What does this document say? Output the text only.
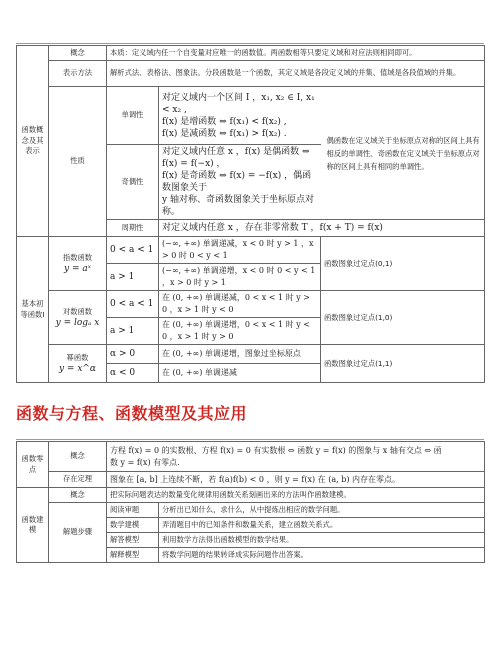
函数概念及其表示	概念	本质：定义域内任一个自变量对应唯一的函数值。两函数相等只要定义域和对应法则相同即可。		
	表示方法	解析式法、表格法、图象法。分段函数是一个函数，其定义域是各段定义域的并集、值域是各段值域的并集。		
	性质	单调性	对定义域内一个区间 I ，x₁, x₂ ∈ I, x₁ < x₂ ,
f(x) 是增函数 ⇔ f(x₁) < f(x₂) ,
f(x) 是减函数 ⇔ f(x₁) > f(x₂) .	偶函数在定义域关于坐标原点对称的区间上具有相反的单调性、奇函数在定义域关于坐标原点对称的区间上具有相同的单调性。
		奇偶性	对定义域内任意 x ，f(x) 是偶函数 ⇔ f(x) = f(−x) ，
f(x) 是奇函数 ⇔ f(x) = −f(x) ，偶函数图象关于
y 轴对称、奇函数图象关于坐标原点对称。	

		周期性	对定义域内任意 x ，存在非零常数 T ，f(x + T) = f(x)	
基本初等函数Ⅰ	指数函数
y = aˣ	0 < a < 1	(−∞, +∞) 单调递减，x < 0 时 y > 1 ，x > 0 时 0 < y < 1	函数图象过定点(0,1)
		a > 1	(−∞, +∞) 单调递增，x < 0 时 0 < y < 1 ，x > 0 时 y > 1	

	对数函数
y = logₐ x	0 < a < 1	在 (0, +∞) 单调递减，0 < x < 1 时 y > 0 ，x > 1 时 y < 0	函数图象过定点(1,0)
		a > 1	在 (0, +∞) 单调递增，0 < x < 1 时 y < 0 ，x > 1 时 y > 0	

	幂函数
y = x^α	α > 0	在 (0, +∞) 单调递增，图象过坐标原点	函数图象过定点(1,1)
		α < 0	在 (0, +∞) 单调递减	
函数与方程、函数模型及其应用
函数零点	概念	方程 f(x) = 0 的实数根、方程 f(x) = 0 有实数根 ⇔ 函数 y = f(x) 的图象与 x 轴有交点 ⇔ 函
数 y = f(x) 有零点.	

	存在定理	图象在 [a, b] 上连续不断，若 f(a)f(b) < 0 ，则 y = f(x) 在 (a, b) 内存在零点。	
函数建模	概念	把实际问题表达的数量变化规律用函数关系刻画出来的方法叫作函数建模。	
	解题步骤	阅读审题	分析出已知什么，求什么，从中提炼出相应的数学问题。
		数学建模	弄清题目中的已知条件和数量关系，建立函数关系式。
		解答模型	利用数学方法得出函数模型的数学结果。
		解释模型	将数学问题的结果转译成实际问题作出答案。
